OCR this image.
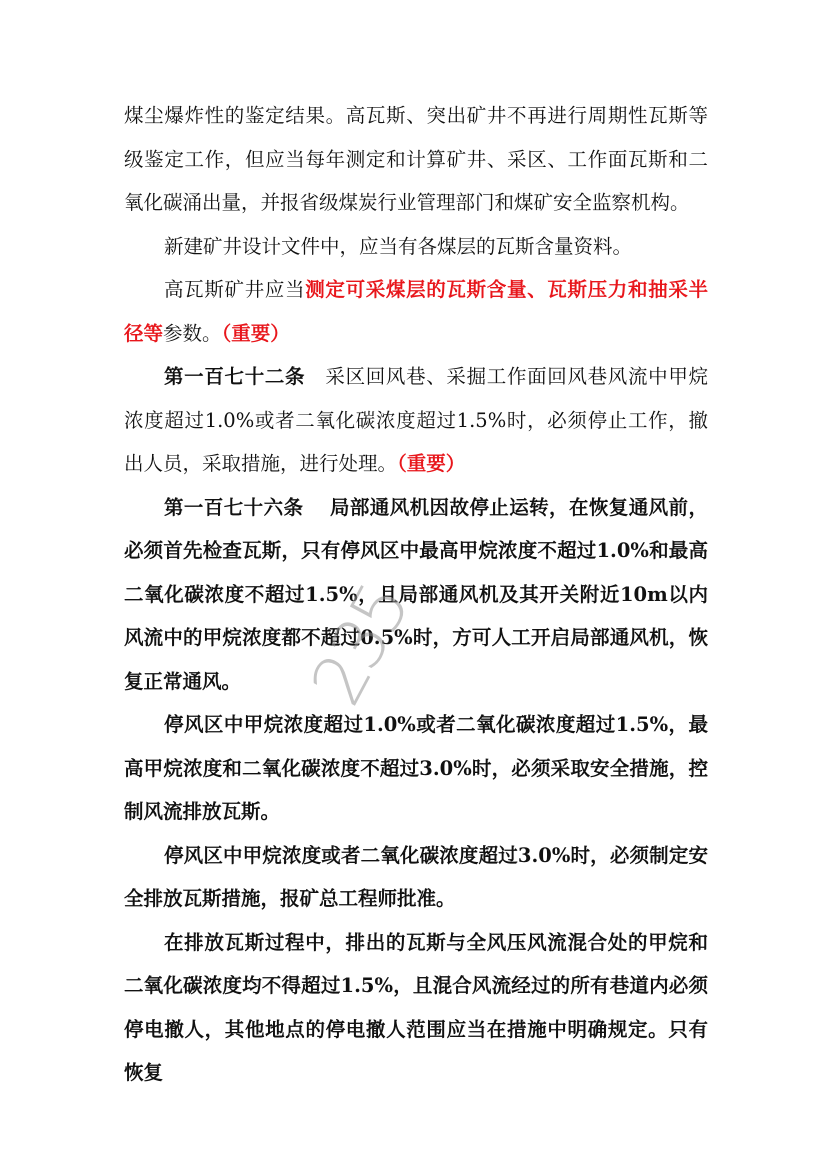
煤尘爆炸性的鉴定结果。高瓦斯、突出矿井不再进行周期性瓦斯等级鉴定工作，但应当每年测定和计算矿井、采区、工作面瓦斯和二氧化碳涌出量，并报省级煤炭行业管理部门和煤矿安全监察机构。

新建矿井设计文件中，应当有各煤层的瓦斯含量资料。

高瓦斯矿井应当测定可采煤层的瓦斯含量、瓦斯压力和抽采半径等参数。（重要）

第一百七十二条　采区回风巷、采掘工作面回风巷风流中甲烷浓度超过1.0%或者二氧化碳浓度超过1.5%时，必须停止工作，撤出人员，采取措施，进行处理。（重要）

第一百七十六条 　局部通风机因故停止运转，在恢复通风前，必须首先检查瓦斯，只有停风区中最高甲烷浓度不超过1.0%和最高二氧化碳浓度不超过1.5%，且局部通风机及其开关附近10m以内风流中的甲烷浓度都不超过0.5%时，方可人工开启局部通风机，恢复正常通风。

停风区中甲烷浓度超过1.0%或者二氧化碳浓度超过1.5%，最高甲烷浓度和二氧化碳浓度不超过3.0%时，必须采取安全措施，控制风流排放瓦斯。

停风区中甲烷浓度或者二氧化碳浓度超过3.0%时，必须制定安全排放瓦斯措施，报矿总工程师批准。

在排放瓦斯过程中，排出的瓦斯与全风压风流混合处的甲烷和二氧化碳浓度均不得超过1.5%，且混合风流经过的所有巷道内必须停电撤人，其他地点的停电撤人范围应当在措施中明确规定。只有恢复

235
